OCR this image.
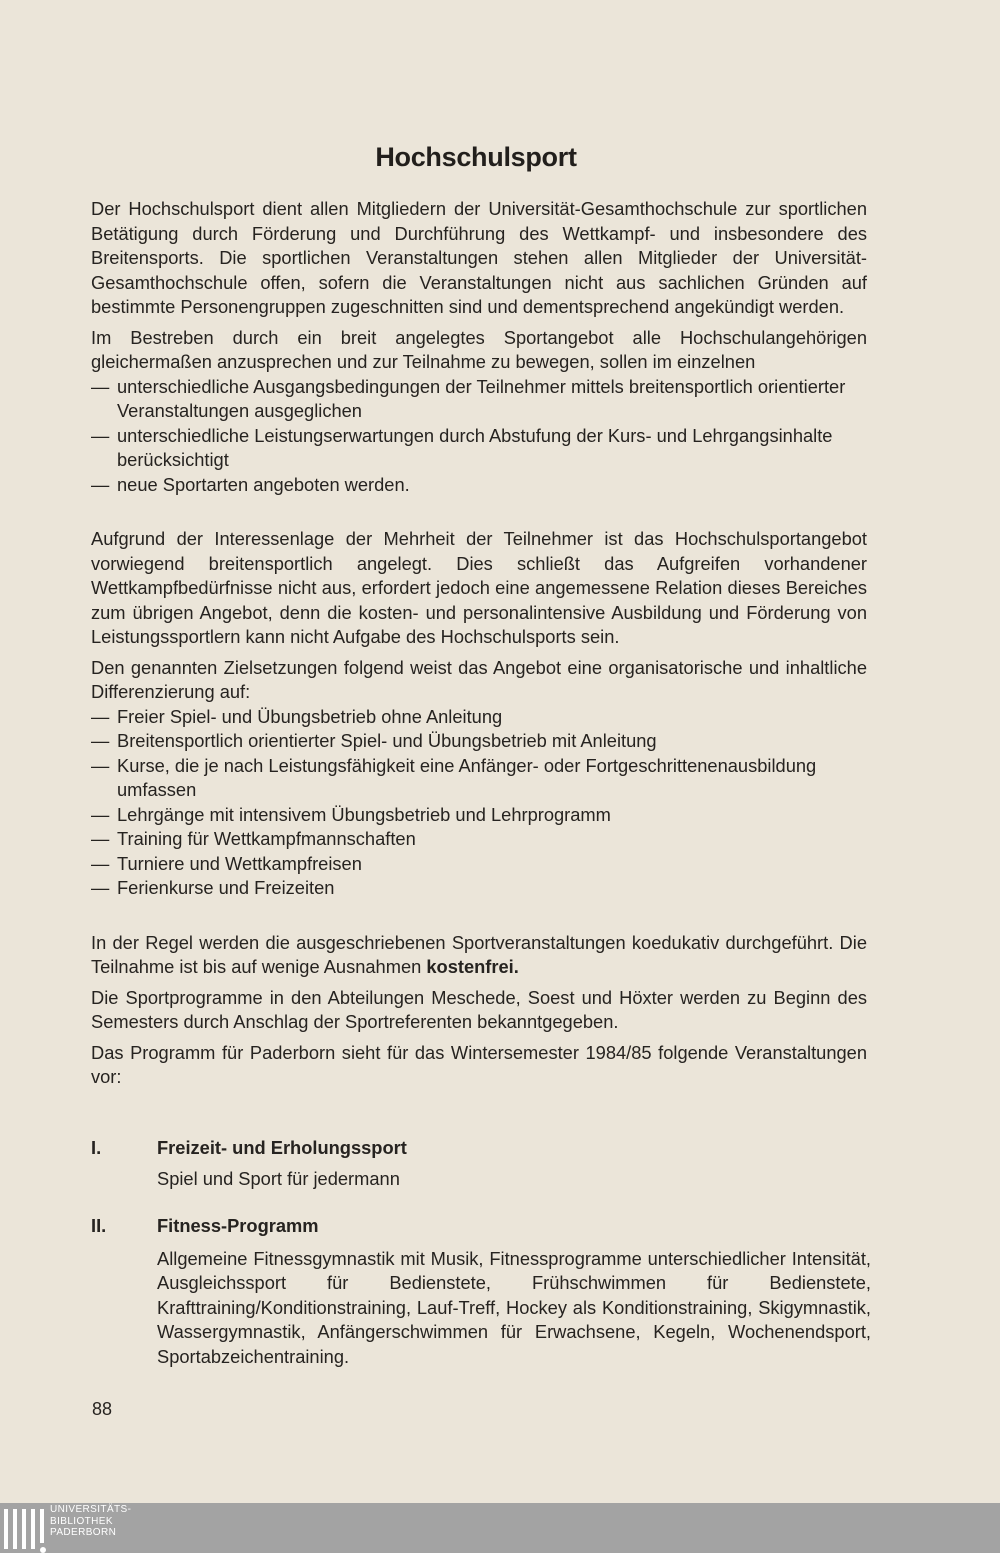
Hochschulsport

Der Hochschulsport dient allen Mitgliedern der Universität-Gesamthochschule zur sportlichen Betätigung durch Förderung und Durchführung des Wettkampf- und insbesondere des Breitensports. Die sportlichen Veranstaltungen stehen allen Mitglieder der Universität-Gesamthochschule offen, sofern die Veranstaltungen nicht aus sachlichen Gründen auf bestimmte Personengruppen zugeschnitten sind und dementsprechend angekündigt werden.

Im Bestreben durch ein breit angelegtes Sportangebot alle Hochschulangehörigen gleichermaßen anzusprechen und zur Teilnahme zu bewegen, sollen im einzelnen

— unterschiedliche Ausgangsbedingungen der Teilnehmer mittels breitensportlich orientierter Veranstaltungen ausgeglichen
— unterschiedliche Leistungserwartungen durch Abstufung der Kurs- und Lehrgangsinhalte berücksichtigt
— neue Sportarten angeboten werden.

Aufgrund der Interessenlage der Mehrheit der Teilnehmer ist das Hochschulsportangebot vorwiegend breitensportlich angelegt. Dies schließt das Aufgreifen vorhandener Wettkampfbedürfnisse nicht aus, erfordert jedoch eine angemessene Relation dieses Bereiches zum übrigen Angebot, denn die kosten- und personalintensive Ausbildung und Förderung von Leistungssportlern kann nicht Aufgabe des Hochschulsports sein.

Den genannten Zielsetzungen folgend weist das Angebot eine organisatorische und inhaltliche Differenzierung auf:

— Freier Spiel- und Übungsbetrieb ohne Anleitung
— Breitensportlich orientierter Spiel- und Übungsbetrieb mit Anleitung
— Kurse, die je nach Leistungsfähigkeit eine Anfänger- oder Fortgeschrittenenausbildung umfassen
— Lehrgänge mit intensivem Übungsbetrieb und Lehrprogramm
— Training für Wettkampfmannschaften
— Turniere und Wettkampfreisen
— Ferienkurse und Freizeiten

In der Regel werden die ausgeschriebenen Sportveranstaltungen koedukativ durchgeführt. Die Teilnahme ist bis auf wenige Ausnahmen kostenfrei.

Die Sportprogramme in den Abteilungen Meschede, Soest und Höxter werden zu Beginn des Semesters durch Anschlag der Sportreferenten bekanntgegeben.

Das Programm für Paderborn sieht für das Wintersemester 1984/85 folgende Veranstaltungen vor:

I.	Freizeit- und Erholungssport
Spiel und Sport für jedermann
II.	Fitness-Programm
Allgemeine Fitnessgymnastik mit Musik, Fitnessprogramme unterschiedlicher Intensität, Ausgleichssport für Bedienstete, Frühschwimmen für Bedienstete, Krafttraining/Konditionstraining, Lauf-Treff, Hockey als Konditionstraining, Skigymnastik, Wassergymnastik, Anfängerschwimmen für Erwachsene, Kegeln, Wochenendsport, Sportabzeichentraining.
88
UNIVERSITÄTS-
BIBLIOTHEK
PADERBORN
